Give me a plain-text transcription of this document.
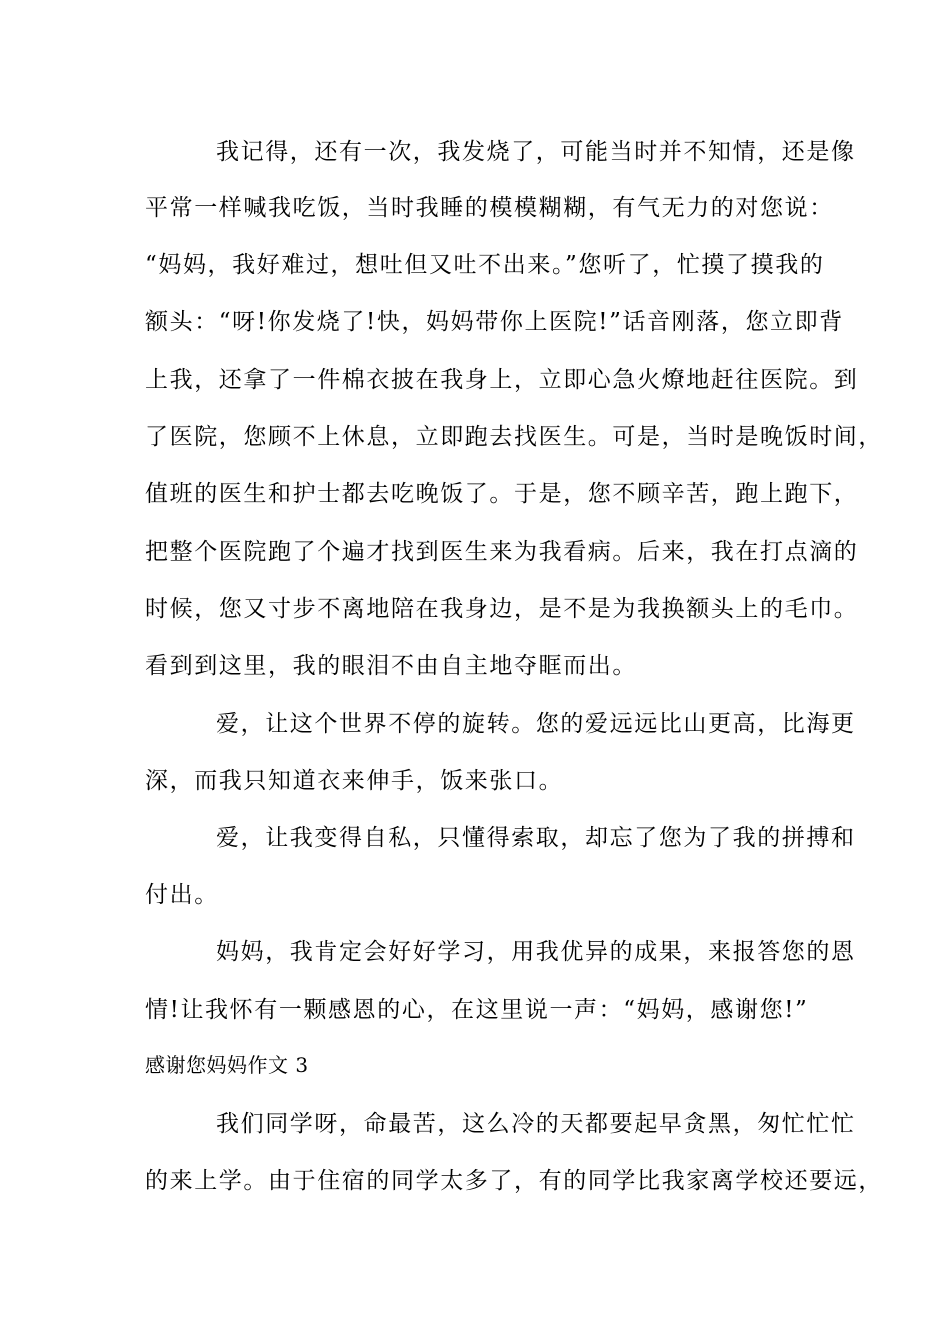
我记得，还有一次，我发烧了，可能当时并不知情，还是像
平常一样喊我吃饭，当时我睡的模模糊糊，有气无力的对您说：
“妈妈，我好难过，想吐但又吐不出来。”您听了，忙摸了摸我的
额头：“呀!你发烧了!快，妈妈带你上医院!”话音刚落，您立即背
上我，还拿了一件棉衣披在我身上，立即心急火燎地赶往医院。到
了医院，您顾不上休息，立即跑去找医生。可是，当时是晚饭时间，
值班的医生和护士都去吃晚饭了。于是，您不顾辛苦，跑上跑下，
把整个医院跑了个遍才找到医生来为我看病。后来，我在打点滴的
时候，您又寸步不离地陪在我身边，是不是为我换额头上的毛巾。
看到到这里，我的眼泪不由自主地夺眶而出。
爱，让这个世界不停的旋转。您的爱远远比山更高，比海更
深，而我只知道衣来伸手，饭来张口。
爱，让我变得自私，只懂得索取，却忘了您为了我的拼搏和
付出。
妈妈，我肯定会好好学习，用我优异的成果，来报答您的恩
情!让我怀有一颗感恩的心，在这里说一声：“妈妈，感谢您!”
感谢您妈妈作文 3
我们同学呀，命最苦，这么冷的天都要起早贪黑，匆忙忙忙
的来上学。由于住宿的同学太多了，有的同学比我家离学校还要远，
